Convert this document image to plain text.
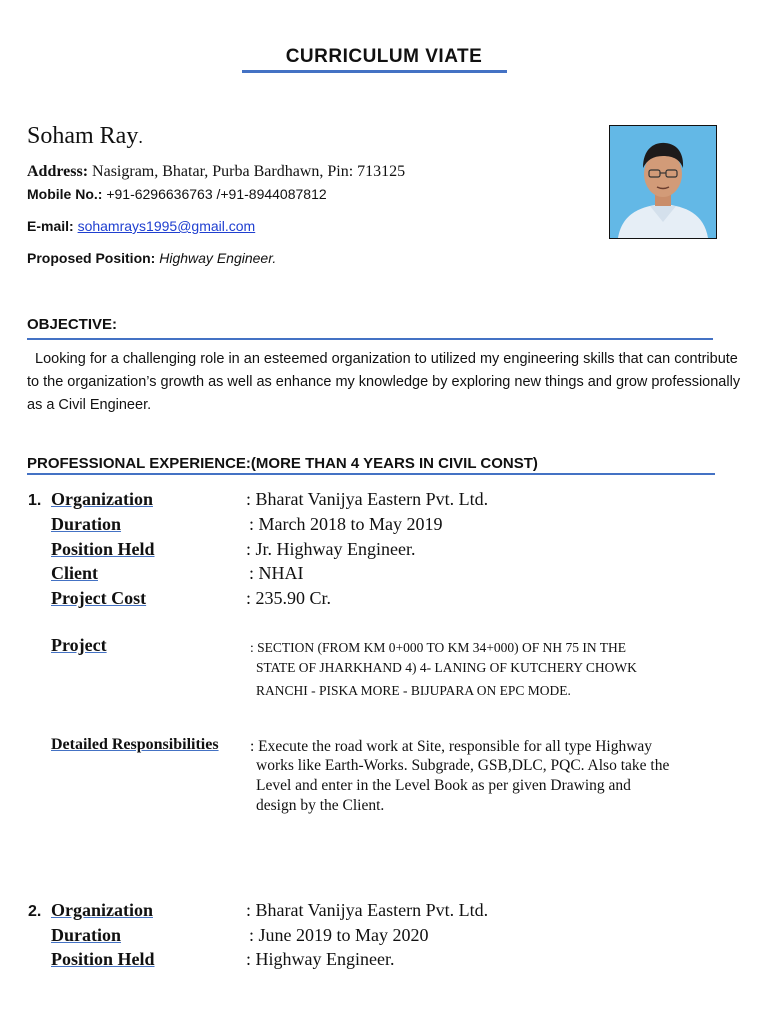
CURRICULUM VIATE
Soham Ray.
Address: Nasigram, Bhatar, Purba Bardhawn, Pin: 713125
Mobile No.: +91-6296636763 /+91-8944087812
E-mail: sohamrays1995@gmail.com
Proposed Position: Highway Engineer.
OBJECTIVE:
Looking for a challenging role in an esteemed organization to utilized my engineering skills that can contribute to the organization’s growth as well as enhance my knowledge by exploring new things and grow professionally as a Civil Engineer.
PROFESSIONAL EXPERIENCE:(MORE THAN 4 YEARS IN CIVIL CONST)
1. Organization	: Bharat Vanijya Eastern Pvt. Ltd.
Duration	: March 2018 to May 2019
Position Held	: Jr. Highway Engineer.
Client	: NHAI
Project Cost	: 235.90 Cr.
Project	: SECTION (FROM KM 0+000 TO KM 34+000) OF NH 75 IN THE
STATE OF JHARKHAND 4) 4- LANING OF KUTCHERY CHOWK
RANCHI - PISKA MORE - BIJUPARA ON EPC MODE.
Detailed Responsibilities : Execute the road work at Site, responsible for all type Highway
works like Earth-Works. Subgrade, GSB,DLC, PQC. Also take the
Level and enter in the Level Book as per given Drawing and
design by the Client.
2. Organization	: Bharat Vanijya Eastern Pvt. Ltd.
Duration	: June 2019 to May 2020
Position Held	: Highway Engineer.
